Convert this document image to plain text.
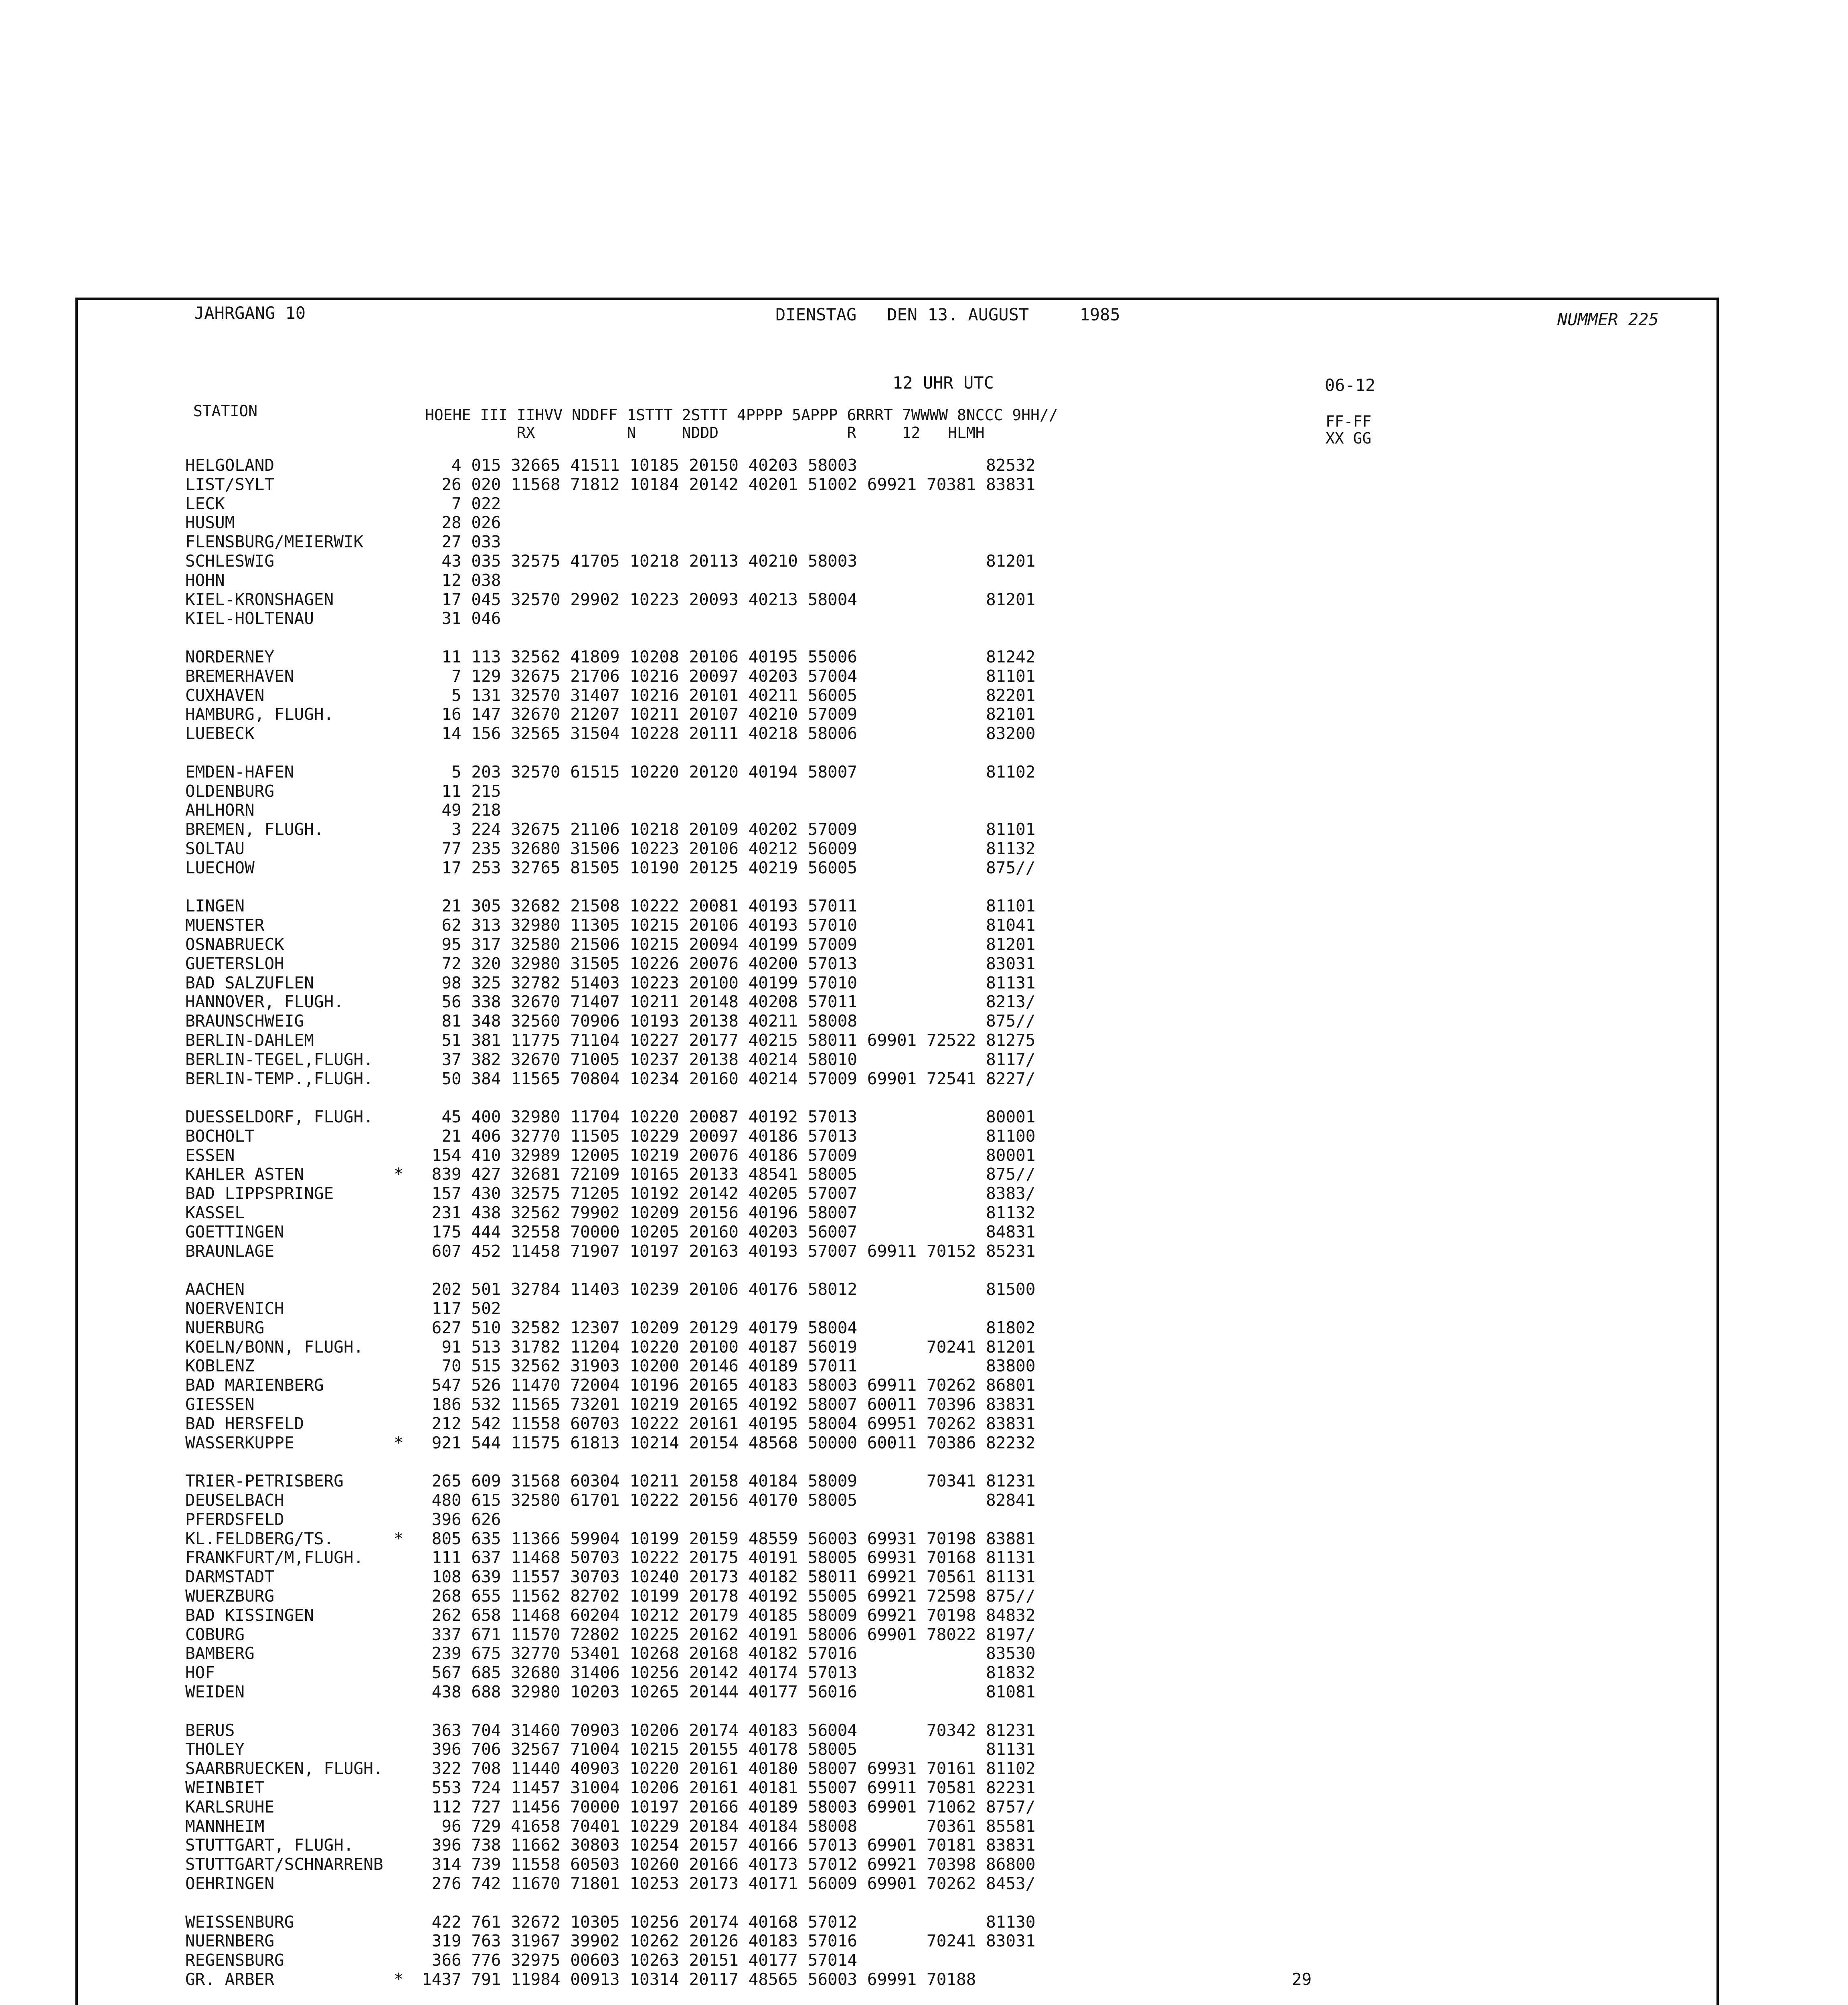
JAHRGANG 10	DIENSTAG   DEN 13. AUGUST     1985	NUMMER 225
12 UHR UTC	06-12
STATION	HOEHE III IIHVV NDDFF 1STTT 2STTT 4PPPP 5APPP 6RRRT 7WWWW 8NCCC 9HH//
RX          N     NDDD              R     12   HLMH
FF-FF
XX GG
HELGOLAND	4 015 32665 41511 10185 20150 40203 58003             82532
LIST/SYLT	26 020 11568 71812 10184 20142 40201 51002 69921 70381 83831
LECK	7 022
HUSUM	28 026
FLENSBURG/MEIERWIK	27 033
SCHLESWIG	43 035 32575 41705 10218 20113 40210 58003             81201
HOHN	12 038
KIEL-KRONSHAGEN	17 045 32570 29902 10223 20093 40213 58004             81201
KIEL-HOLTENAU	31 046
NORDERNEY	11 113 32562 41809 10208 20106 40195 55006             81242
BREMERHAVEN	7 129 32675 21706 10216 20097 40203 57004             81101
CUXHAVEN	5 131 32570 31407 10216 20101 40211 56005             82201
HAMBURG, FLUGH.	16 147 32670 21207 10211 20107 40210 57009             82101
LUEBECK	14 156 32565 31504 10228 20111 40218 58006             83200
EMDEN-HAFEN	5 203 32570 61515 10220 20120 40194 58007             81102
OLDENBURG	11 215
AHLHORN	49 218
BREMEN, FLUGH.	3 224 32675 21106 10218 20109 40202 57009             81101
SOLTAU	77 235 32680 31506 10223 20106 40212 56009             81132
LUECHOW	17 253 32765 81505 10190 20125 40219 56005             875//
LINGEN	21 305 32682 21508 10222 20081 40193 57011             81101
MUENSTER	62 313 32980 11305 10215 20106 40193 57010             81041
OSNABRUECK	95 317 32580 21506 10215 20094 40199 57009             81201
GUETERSLOH	72 320 32980 31505 10226 20076 40200 57013             83031
BAD SALZUFLEN	98 325 32782 51403 10223 20100 40199 57010             81131
HANNOVER, FLUGH.	56 338 32670 71407 10211 20148 40208 57011             8213/
BRAUNSCHWEIG	81 348 32560 70906 10193 20138 40211 58008             875//
BERLIN-DAHLEM	51 381 11775 71104 10227 20177 40215 58011 69901 72522 81275
BERLIN-TEGEL,FLUGH.	37 382 32670 71005 10237 20138 40214 58010             8117/
BERLIN-TEMP.,FLUGH.	50 384 11565 70804 10234 20160 40214 57009 69901 72541 8227/
DUESSELDORF, FLUGH.	45 400 32980 11704 10220 20087 40192 57013             80001
BOCHOLT	21 406 32770 11505 10229 20097 40186 57013             81100
ESSEN	154 410 32989 12005 10219 20076 40186 57009             80001
KAHLER ASTEN	* 839 427 32681 72109 10165 20133 48541 58005             875//
BAD LIPPSPRINGE	157 430 32575 71205 10192 20142 40205 57007             8383/
KASSEL	231 438 32562 79902 10209 20156 40196 58007             81132
GOETTINGEN	175 444 32558 70000 10205 20160 40203 56007             84831
BRAUNLAGE	607 452 11458 71907 10197 20163 40193 57007 69911 70152 85231
AACHEN	202 501 32784 11403 10239 20106 40176 58012             81500
NOERVENICH	117 502
NUERBURG	627 510 32582 12307 10209 20129 40179 58004             81802
KOELN/BONN, FLUGH.	91 513 31782 11204 10220 20100 40187 56019       70241 81201
KOBLENZ	70 515 32562 31903 10200 20146 40189 57011             83800
BAD MARIENBERG	547 526 11470 72004 10196 20165 40183 58003 69911 70262 86801
GIESSEN	186 532 11565 73201 10219 20165 40192 58007 60011 70396 83831
BAD HERSFELD	212 542 11558 60703 10222 20161 40195 58004 69951 70262 83831
WASSERKUPPE	* 921 544 11575 61813 10214 20154 48568 50000 60011 70386 82232
TRIER-PETRISBERG	265 609 31568 60304 10211 20158 40184 58009       70341 81231
DEUSELBACH	480 615 32580 61701 10222 20156 40170 58005             82841
PFERDSFELD	396 626
KL.FELDBERG/TS.	* 805 635 11366 59904 10199 20159 48559 56003 69931 70198 83881
FRANKFURT/M,FLUGH.	111 637 11468 50703 10222 20175 40191 58005 69931 70168 81131
DARMSTADT	108 639 11557 30703 10240 20173 40182 58011 69921 70561 81131
WUERZBURG	268 655 11562 82702 10199 20178 40192 55005 69921 72598 875//
BAD KISSINGEN	262 658 11468 60204 10212 20179 40185 58009 69921 70198 84832
COBURG	337 671 11570 72802 10225 20162 40191 58006 69901 78022 8197/
BAMBERG	239 675 32770 53401 10268 20168 40182 57016             83530
HOF	567 685 32680 31406 10256 20142 40174 57013             81832
WEIDEN	438 688 32980 10203 10265 20144 40177 56016             81081
BERUS	363 704 31460 70903 10206 20174 40183 56004       70342 81231
THOLEY	396 706 32567 71004 10215 20155 40178 58005             81131
SAARBRUECKEN, FLUGH. 322 708 11440 40903 10220 20161 40180 58007 69931 70161 81102
WEINBIET	553 724 11457 31004 10206 20161 40181 55007 69911 70581 82231
KARLSRUHE	112 727 11456 70000 10197 20166 40189 58003 69901 71062 8757/
MANNHEIM	96 729 41658 70401 10229 20184 40184 58008       70361 85581
STUTTGART, FLUGH.	396 738 11662 30803 10254 20157 40166 57013 69901 70181 83831
STUTTGART/SCHNARRENB 314 739 11558 60503 10260 20166 40173 57012 69921 70398 86800
OEHRINGEN	276 742 11670 71801 10253 20173 40171 56009 69901 70262 8453/
WEISSENBURG	422 761 32672 10305 10256 20174 40168 57012             81130
NUERNBERG	319 763 31967 39902 10262 20126 40183 57016       70241 83031
REGENSBURG	366 776 32975 00603 10263 20151 40177 57014
GR. ARBER	* 1437 791 11984 00913 10314 20117 48565 56003 69991 70188	29
